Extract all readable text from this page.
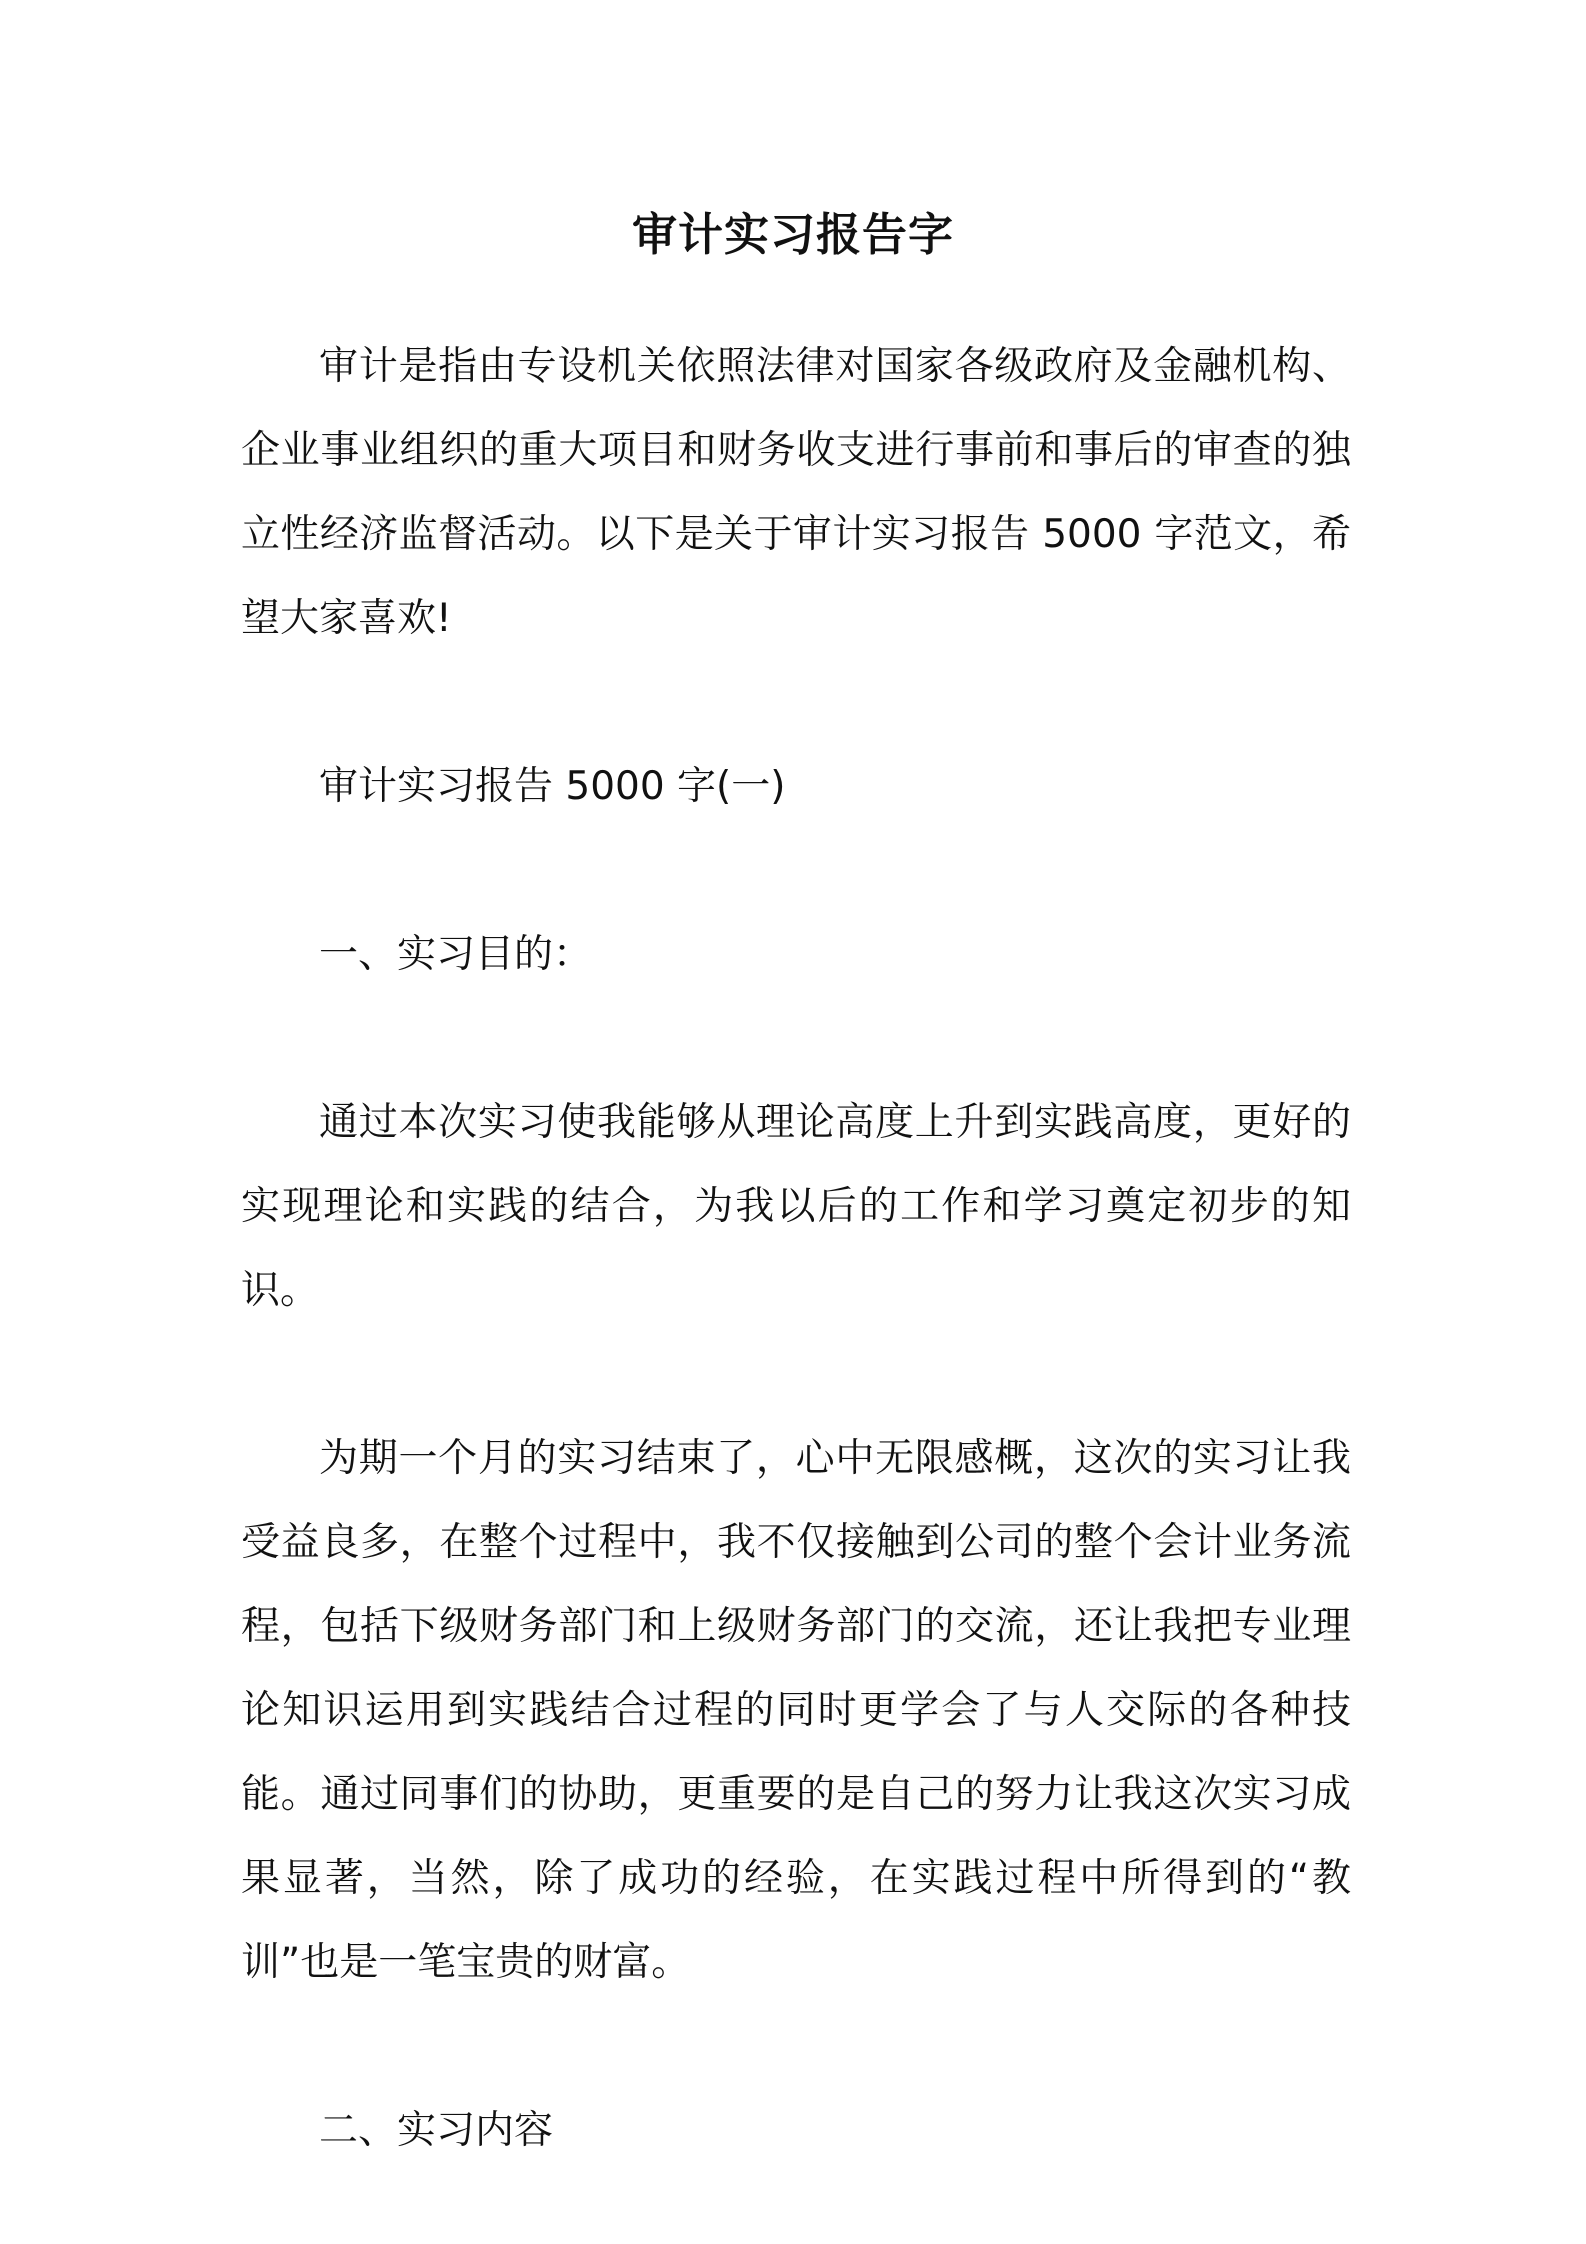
审计实习报告字

审计是指由专设机关依照法律对国家各级政府及金融机构、企业事业组织的重大项目和财务收支进行事前和事后的审查的独立性经济监督活动。以下是关于审计实习报告 5000 字范文，希望大家喜欢!

审计实习报告 5000 字(一)

一、实习目的：

通过本次实习使我能够从理论高度上升到实践高度，更好的实现理论和实践的结合，为我以后的工作和学习奠定初步的知识。

为期一个月的实习结束了，心中无限感概，这次的实习让我受益良多，在整个过程中，我不仅接触到公司的整个会计业务流程，包括下级财务部门和上级财务部门的交流，还让我把专业理论知识运用到实践结合过程的同时更学会了与人交际的各种技能。通过同事们的协助，更重要的是自己的努力让我这次实习成果显著，当然，除了成功的经验，在实践过程中所得到的“教训”也是一笔宝贵的财富。

二、实习内容
